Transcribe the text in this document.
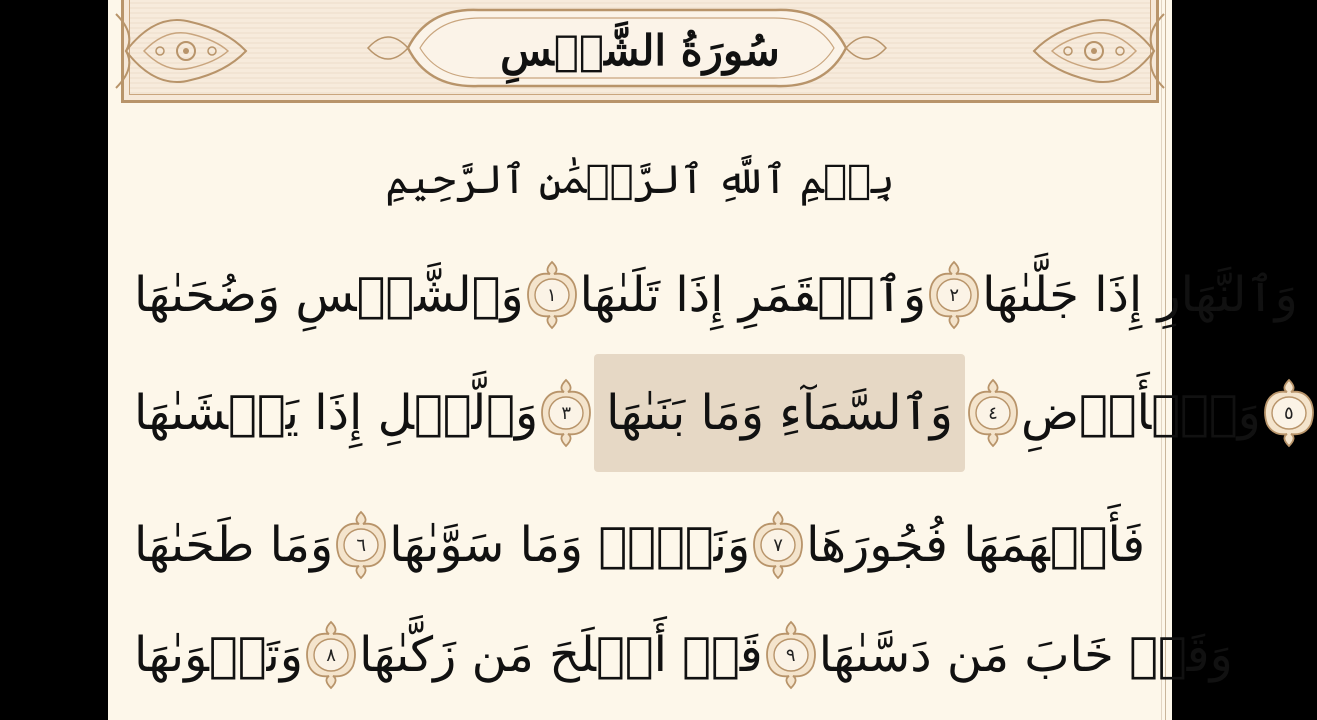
سُورَةُ الشَّمۡسِ
بِسۡمِ ٱللَّهِ ٱلرَّحۡمَٰنِ ٱلرَّحِيمِ
وَٱلشَّمۡسِ وَضُحَىٰهَا	١ وَٱلۡقَمَرِ إِذَا تَلَىٰهَا	٢ وَٱلنَّهَارِ إِذَا جَلَّىٰهَا
وَٱلَّيۡلِ إِذَا يَغۡشَىٰهَا	٣ وَٱلسَّمَآءِ وَمَا بَنَىٰهَا	٤ وَٱلۡأَرۡضِ	٥
وَمَا طَحَىٰهَا	٦ وَنَفۡسٖ وَمَا سَوَّىٰهَا	٧ فَأَلۡهَمَهَا فُجُورَهَا
وَتَقۡوَىٰهَا	٨ قَدۡ أَفۡلَحَ مَن زَكَّىٰهَا	٩ وَقَدۡ خَابَ مَن دَسَّىٰهَا
